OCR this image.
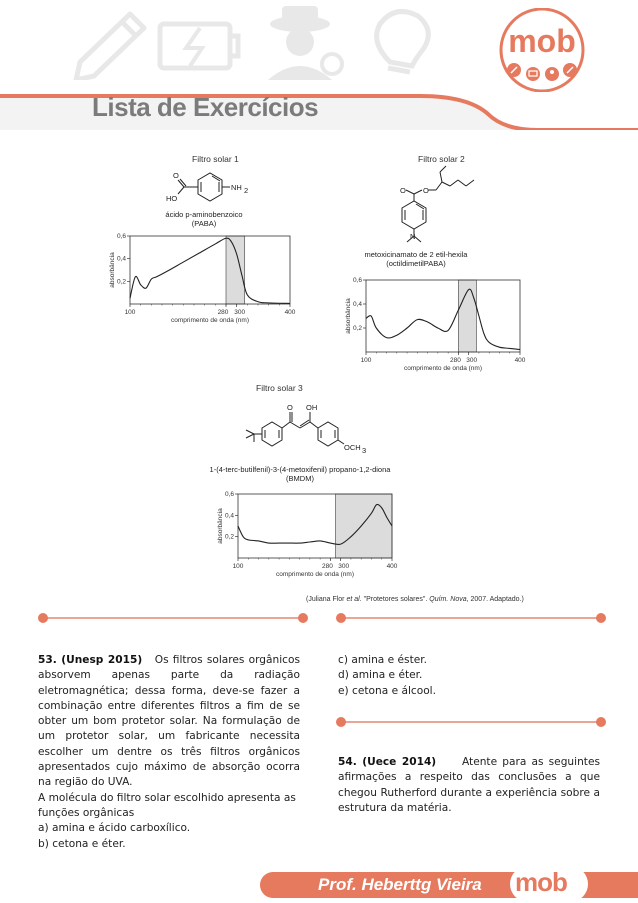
Lista de Exercícios
mob
Filtro solar 1
O
HO
NH 2
ácido p-aminobenzoico
(PABA)
0,2
0,4
0,6
100	280 300	400
comprimento de onda (nm)
absorbância
Filtro solar 2
O O
N
metoxicinamato de 2 etil-hexila
(octildimetilPABA)
0,2
0,4
0,6
100	280 300	400
comprimento de onda (nm)
absorbância
Filtro solar 3
O OH
OCH 3
1-(4-terc-butilfenil)-3-(4-metoxifenil) propano-1,2-diona
(BMDM)
0,2
0,4
0,6
100	280 300	400
comprimento de onda (nm)
absorbância
(Juliana Flor et al. "Protetores solares". Quím. Nova, 2007. Adaptado.)

53. (Unesp 2015) Os filtros solares orgânicos absorvem apenas parte da radiação eletromagnética; dessa forma, deve-se fazer a combinação entre diferentes filtros a fim de se obter um bom protetor solar. Na formulação de um protetor solar, um fabricante necessita escolher um dentre os três filtros orgânicos apresentados cujo máximo de absorção ocorra na região do UVA.

A molécula do filtro solar escolhido apresenta as funções orgânicas

a) amina e ácido carboxílico.
b) cetona e éter.
c) amina e éster.
d) amina e éter.
e) cetona e álcool.

54. (Uece 2014) Atente para as seguintes afirmações a respeito das conclusões a que chegou Rutherford durante a experiência sobre a estrutura da matéria.

Prof. Heberttg Vieira mob
